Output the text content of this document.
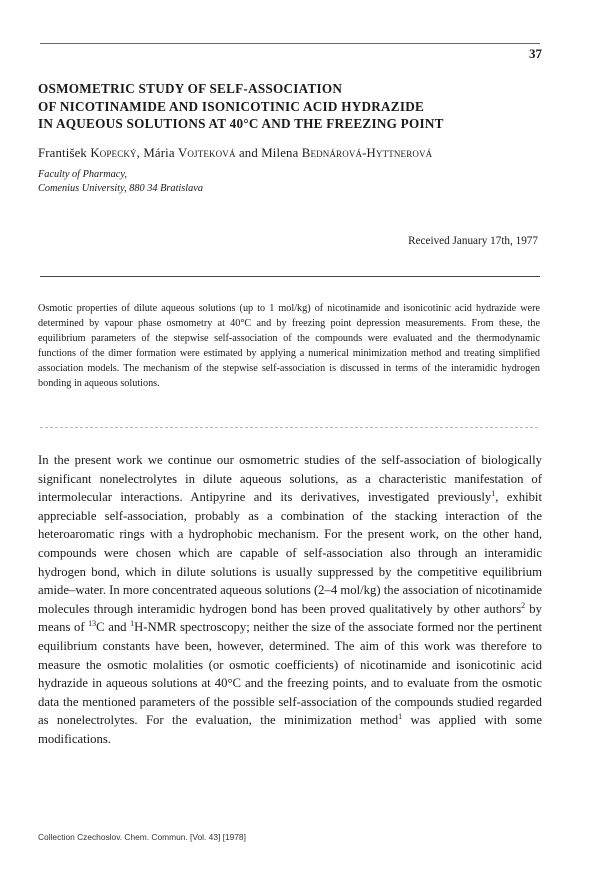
37
OSMOMETRIC STUDY OF SELF-ASSOCIATION
OF NICOTINAMIDE AND ISONICOTINIC ACID HYDRAZIDE
IN AQUEOUS SOLUTIONS AT 40°C AND THE FREEZING POINT
František Kopecký, Mária Vojteková and Milena Bednárová-Hyttnerová
Faculty of Pharmacy,
Comenius University, 880 34 Bratislava
Received January 17th, 1977
Osmotic properties of dilute aqueous solutions (up to 1 mol/kg) of nicotinamide and isonicotinic acid hydrazide were determined by vapour phase osmometry at 40°C and by freezing point depression measurements. From these, the equilibrium parameters of the stepwise self-association of the compounds were evaluated and the thermodynamic functions of the dimer formation were estimated by applying a numerical minimization method and treating simplified association models. The mechanism of the stepwise self-association is discussed in terms of the interamidic hydrogen bonding in aqueous solutions.
In the present work we continue our osmometric studies of the self-association of biologically significant nonelectrolytes in dilute aqueous solutions, as a characteristic manifestation of intermolecular interactions. Antipyrine and its derivatives, investigated previously$^1$, exhibit appreciable self-association, probably as a combination of the stacking interaction of the heteroaromatic rings with a hydrophobic mechanism. For the present work, on the other hand, compounds were chosen which are capable of self-association also through an interamidic hydrogen bond, which in dilute solutions is usually suppressed by the competitive equilibrium amide–water. In more concentrated aqueous solutions (2–4 mol/kg) the association of nicotinamide molecules through interamidic hydrogen bond has been proved qualitatively by other authors$^2$ by means of $^{13}$C and $^1$H-NMR spectroscopy; neither the size of the associate formed nor the pertinent equilibrium constants have been, however, determined. The aim of this work was therefore to measure the osmotic molalities (or osmotic coefficients) of nicotinamide and isonicotinic acid hydrazide in aqueous solutions at 40°C and the freezing points, and to evaluate from the osmotic data the mentioned parameters of the possible self-association of the compounds studied regarded as nonelectrolytes. For the evaluation, the minimization method$^1$ was applied with some modifications.
Collection Czechoslov. Chem. Commun. [Vol. 43] [1978]
